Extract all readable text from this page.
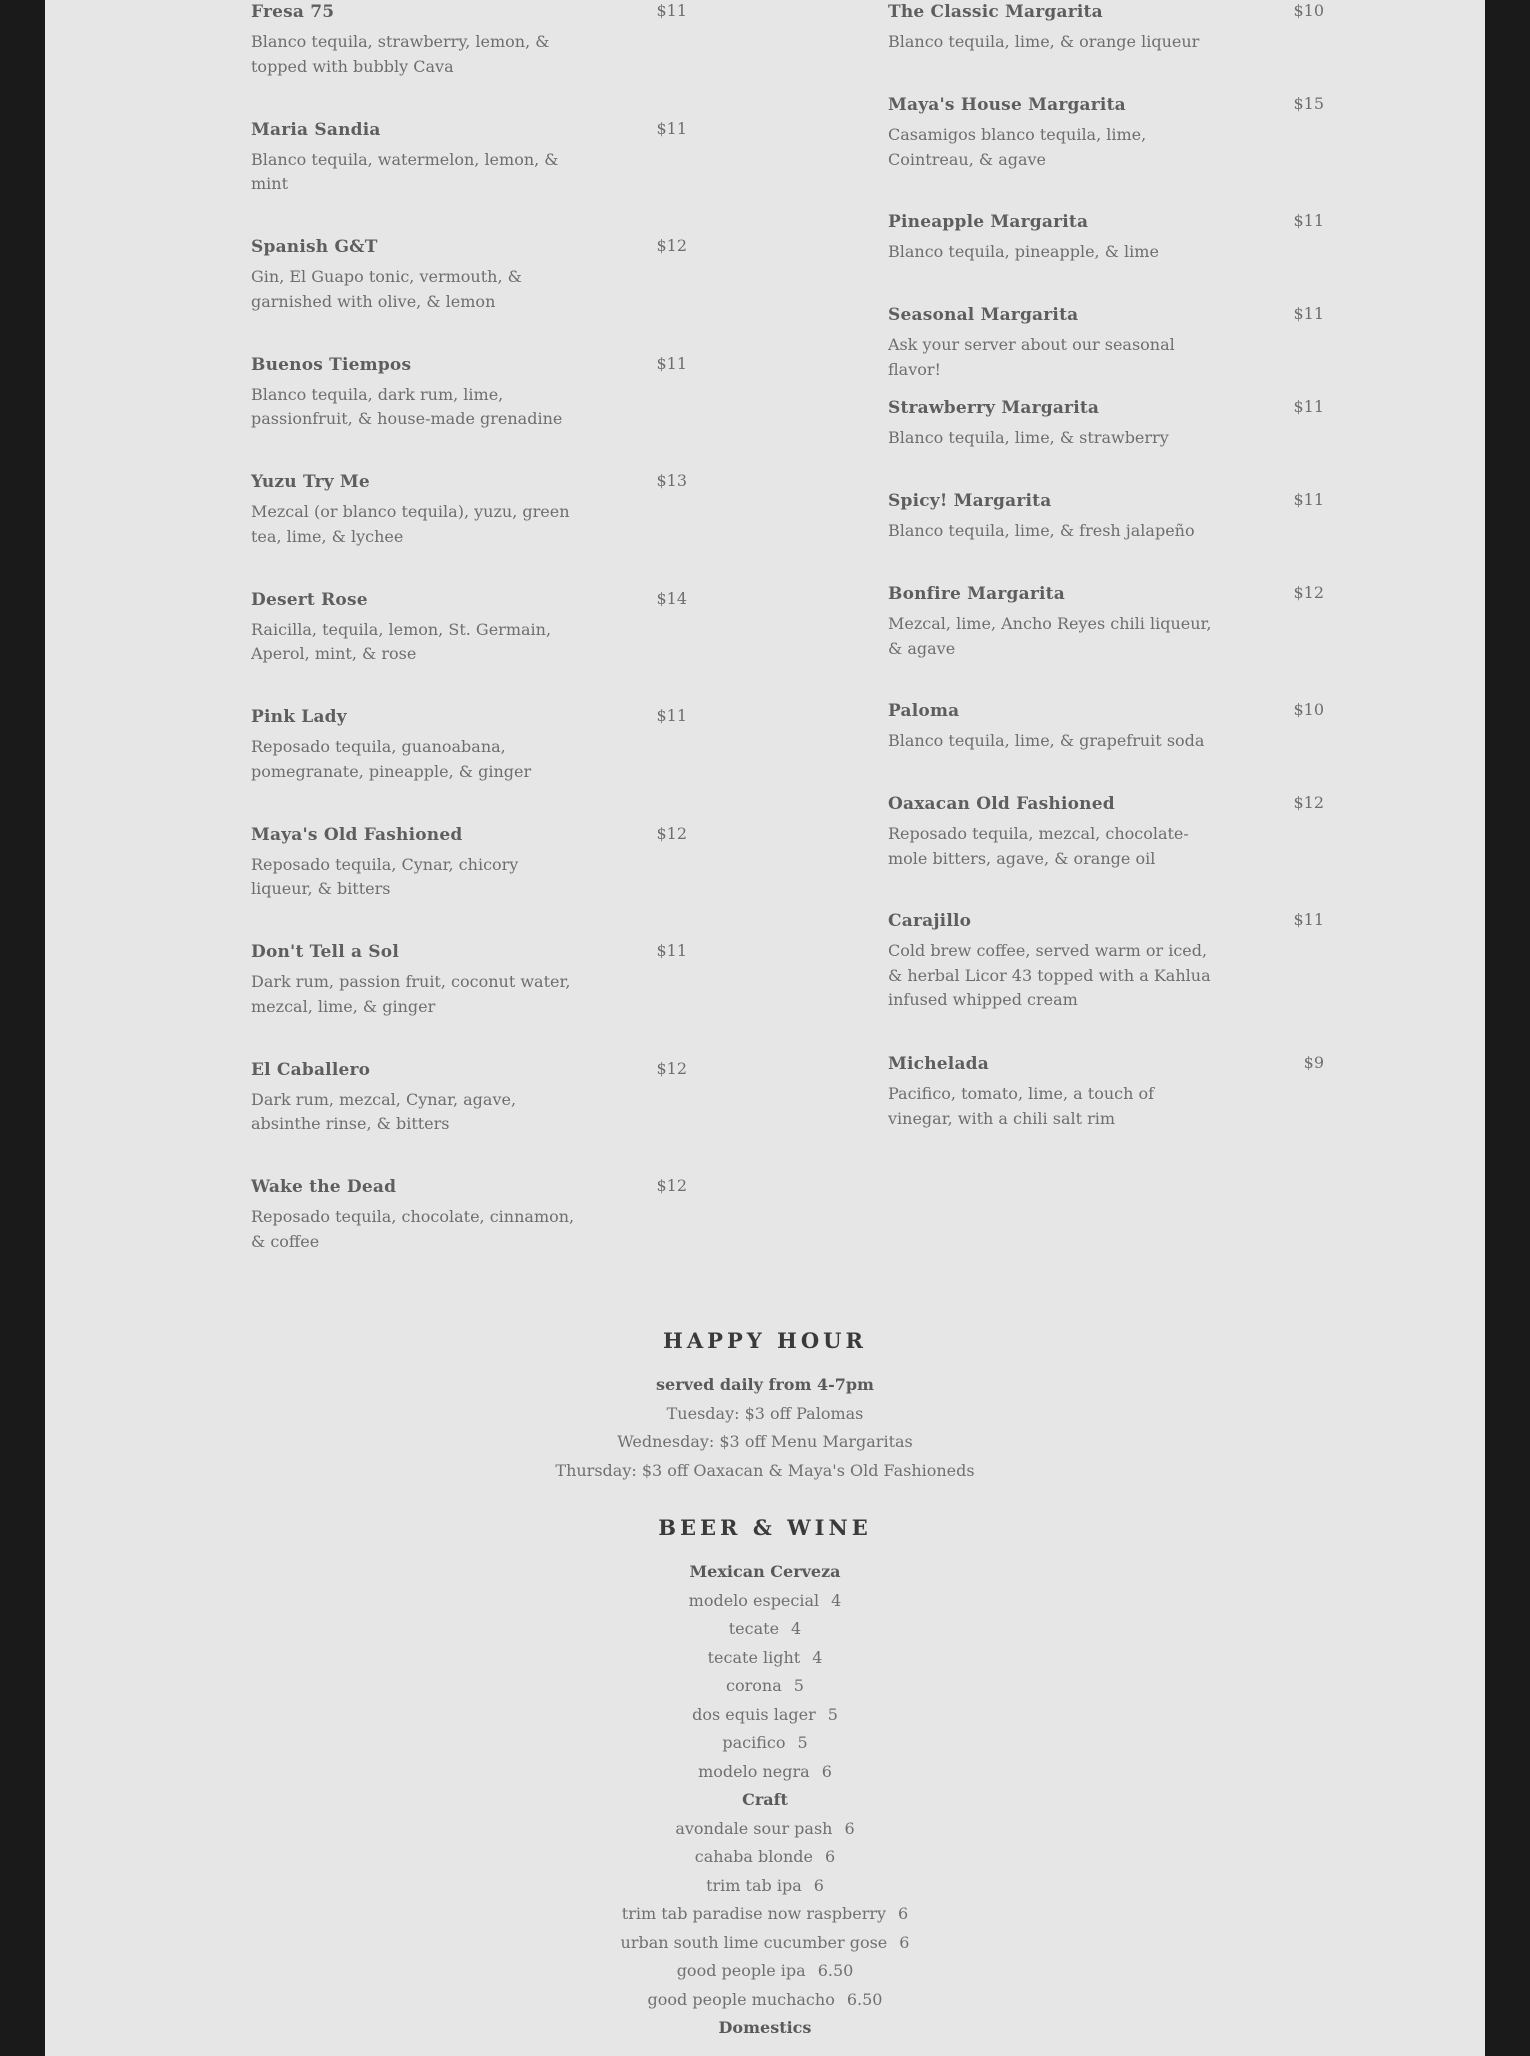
Fresa 75	$11
Blanco tequila, strawberry, lemon, & topped with bubbly Cava
Maria Sandia	$11
Blanco tequila, watermelon, lemon, & mint
Spanish G&T	$12
Gin, El Guapo tonic, vermouth, & garnished with olive, & lemon
Buenos Tiempos	$11
Blanco tequila, dark rum, lime, passionfruit, & house-made grenadine
Yuzu Try Me	$13
Mezcal (or blanco tequila), yuzu, green tea, lime, & lychee
Desert Rose	$14
Raicilla, tequila, lemon, St. Germain, Aperol, mint, & rose
Pink Lady	$11
Reposado tequila, guanoabana, pomegranate, pineapple, & ginger
Maya's Old Fashioned	$12
Reposado tequila, Cynar, chicory liqueur, & bitters
Don't Tell a Sol	$11
Dark rum, passion fruit, coconut water, mezcal, lime, & ginger
El Caballero	$12
Dark rum, mezcal, Cynar, agave, absinthe rinse, & bitters
Wake the Dead	$12
Reposado tequila, chocolate, cinnamon, & coffee
The Classic Margarita	$10
Blanco tequila, lime, & orange liqueur
Maya's House Margarita	$15
Casamigos blanco tequila, lime, Cointreau, & agave
Pineapple Margarita	$11
Blanco tequila, pineapple, & lime
Seasonal Margarita	$11
Ask your server about our seasonal flavor!
Strawberry Margarita	$11
Blanco tequila, lime, & strawberry
Spicy! Margarita	$11
Blanco tequila, lime, & fresh jalapeño
Bonfire Margarita	$12
Mezcal, lime, Ancho Reyes chili liqueur, & agave
Paloma	$10
Blanco tequila, lime, & grapefruit soda
Oaxacan Old Fashioned	$12
Reposado tequila, mezcal, chocolate-mole bitters, agave, & orange oil
Carajillo	$11
Cold brew coffee, served warm or iced, & herbal Licor 43 topped with a Kahlua infused whipped cream
Michelada	$9
Pacifico, tomato, lime, a touch of vinegar, with a chili salt rim
HAPPY HOUR
served daily from 4-7pm
Tuesday: $3 off Palomas
Wednesday: $3 off Menu Margaritas
Thursday: $3 off Oaxacan & Maya's Old Fashioneds
BEER & WINE
Mexican Cerveza
modelo especial 4
tecate 4
tecate light 4
corona 5
dos equis lager 5
pacifico 5
modelo negra 6
Craft
avondale sour pash 6
cahaba blonde 6
trim tab ipa 6
trim tab paradise now raspberry 6
urban south lime cucumber gose 6
good people ipa 6.50
good people muchacho 6.50
Domestics
